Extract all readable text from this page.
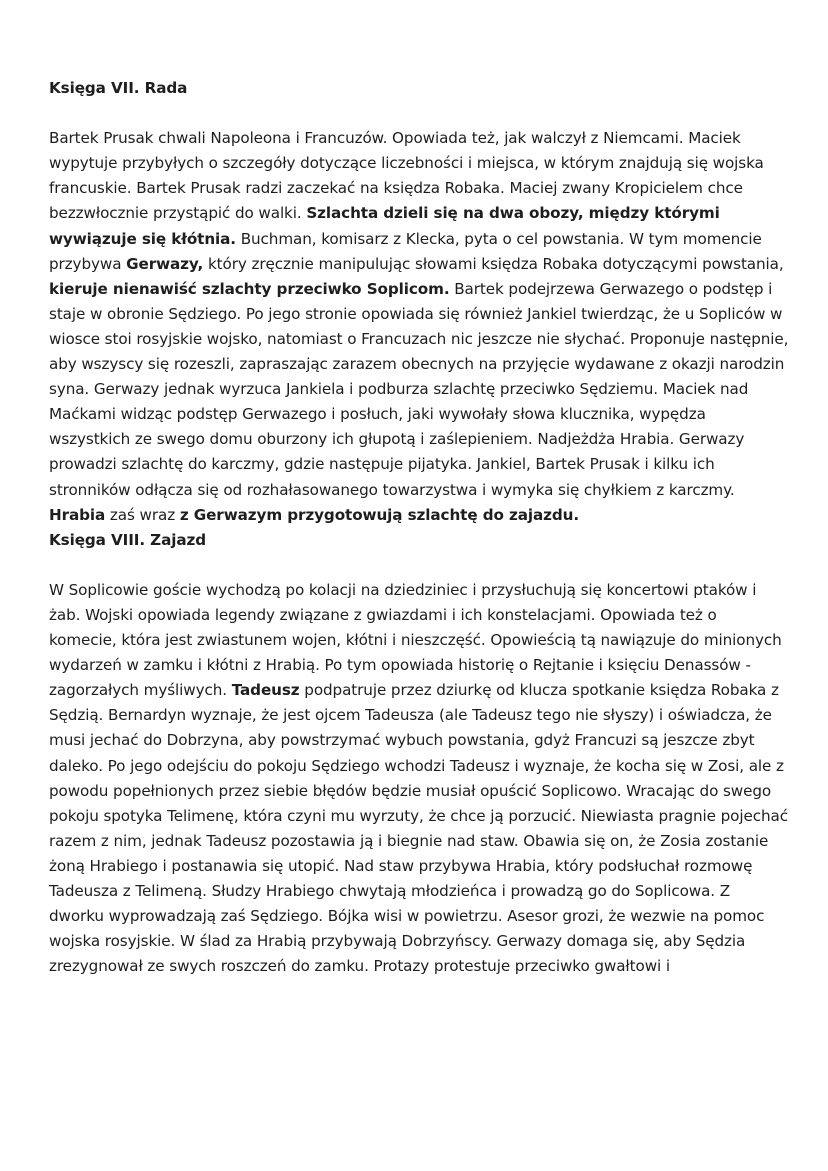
Księga VII. Rada

Bartek Prusak chwali Napoleona i Francuzów. Opowiada też, jak walczył z Niemcami. Maciek wypytuje przybyłych o szczegóły dotyczące liczebności i miejsca, w którym znajdują się wojska francuskie. Bartek Prusak radzi zaczekać na księdza Robaka. Maciej zwany Kropicielem chce bezzwłocznie przystąpić do walki. Szlachta dzieli się na dwa obozy, między którymi wywiązuje się kłótnia. Buchman, komisarz z Klecka, pyta o cel powstania. W tym momencie przybywa Gerwazy, który zręcznie manipulując słowami księdza Robaka dotyczącymi powstania, kieruje nienawiść szlachty przeciwko Soplicom. Bartek podejrzewa Gerwazego o podstęp i staje w obronie Sędziego. Po jego stronie opowiada się również Jankiel twierdząc, że u Sopliców w wiosce stoi rosyjskie wojsko, natomiast o Francuzach nic jeszcze nie słychać. Proponuje następnie, aby wszyscy się rozeszli, zapraszając zarazem obecnych na przyjęcie wydawane z okazji narodzin syna. Gerwazy jednak wyrzuca Jankiela i podburza szlachtę przeciwko Sędziemu. Maciek nad Maćkami widząc podstęp Gerwazego i posłuch, jaki wywołały słowa klucznika, wypędza wszystkich ze swego domu oburzony ich głupotą i zaślepieniem. Nadjeżdża Hrabia. Gerwazy prowadzi szlachtę do karczmy, gdzie następuje pijatyka. Jankiel, Bartek Prusak i kilku ich stronników odłącza się od rozhałasowanego towarzystwa i wymyka się chyłkiem z karczmy. Hrabia zaś wraz z Gerwazym przygotowują szlachtę do zajazdu.

Księga VIII. Zajazd

W Soplicowie goście wychodzą po kolacji na dziedziniec i przysłuchują się koncertowi ptaków i żab. Wojski opowiada legendy związane z gwiazdami i ich konstelacjami. Opowiada też o komecie, która jest zwiastunem wojen, kłótni i nieszczęść. Opowieścią tą nawiązuje do minionych wydarzeń w zamku i kłótni z Hrabią. Po tym opowiada historię o Rejtanie i księciu Denassów - zagorzałych myśliwych. Tadeusz podpatruje przez dziurkę od klucza spotkanie księdza Robaka z Sędzią. Bernardyn wyznaje, że jest ojcem Tadeusza (ale Tadeusz tego nie słyszy) i oświadcza, że musi jechać do Dobrzyna, aby powstrzymać wybuch powstania, gdyż Francuzi są jeszcze zbyt daleko. Po jego odejściu do pokoju Sędziego wchodzi Tadeusz i wyznaje, że kocha się w Zosi, ale z powodu popełnionych przez siebie błędów będzie musiał opuścić Soplicowo. Wracając do swego pokoju spotyka Telimenę, która czyni mu wyrzuty, że chce ją porzucić. Niewiasta pragnie pojechać razem z nim, jednak Tadeusz pozostawia ją i biegnie nad staw. Obawia się on, że Zosia zostanie żoną Hrabiego i postanawia się utopić. Nad staw przybywa Hrabia, który podsłuchał rozmowę Tadeusza z Telimeną. Słudzy Hrabiego chwytają młodzieńca i prowadzą go do Soplicowa. Z dworku wyprowadzają zaś Sędziego. Bójka wisi w powietrzu. Asesor grozi, że wezwie na pomoc wojska rosyjskie. W ślad za Hrabią przybywają Dobrzyńscy. Gerwazy domaga się, aby Sędzia zrezygnował ze swych roszczeń do zamku. Protazy protestuje przeciwko gwałtowi i
